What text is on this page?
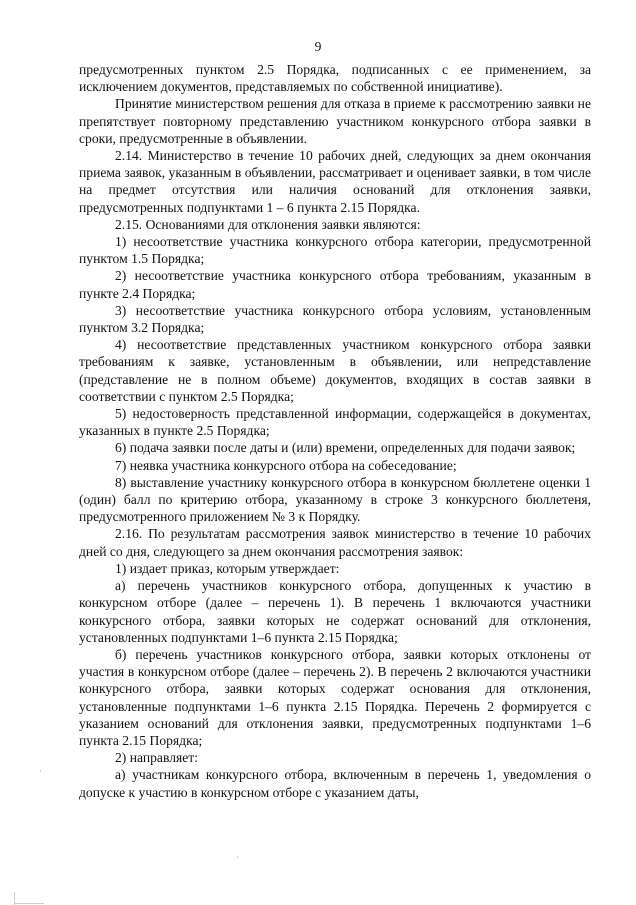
9

предусмотренных пунктом 2.5 Порядка, подписанных с ее применением, за исключением документов, представляемых по собственной инициативе).

Принятие министерством решения для отказа в приеме к рассмотрению заявки не препятствует повторному представлению участником конкурсного отбора заявки в сроки, предусмотренные в объявлении.

2.14. Министерство в течение 10 рабочих дней, следующих за днем окончания приема заявок, указанным в объявлении, рассматривает и оценивает заявки, в том числе на предмет отсутствия или наличия оснований для отклонения заявки, предусмотренных подпунктами 1 – 6 пункта 2.15 Порядка.

2.15. Основаниями для отклонения заявки являются:

1) несоответствие участника конкурсного отбора категории, предусмотренной пунктом 1.5 Порядка;

2) несоответствие участника конкурсного отбора требованиям, указанным в пункте 2.4 Порядка;

3) несоответствие участника конкурсного отбора условиям, установленным пунктом 3.2 Порядка;

4) несоответствие представленных участником конкурсного отбора заявки требованиям к заявке, установленным в объявлении, или непредставление (представление не в полном объеме) документов, входящих в состав заявки в соответствии с пунктом 2.5 Порядка;

5) недостоверность представленной информации, содержащейся в документах, указанных в пункте 2.5 Порядка;

6) подача заявки после даты и (или) времени, определенных для подачи заявок;

7) неявка участника конкурсного отбора на собеседование;

8) выставление участнику конкурсного отбора в конкурсном бюллетене оценки 1 (один) балл по критерию отбора, указанному в строке 3 конкурсного бюллетеня, предусмотренного приложением № 3 к Порядку.

2.16. По результатам рассмотрения заявок министерство в течение 10 рабочих дней со дня, следующего за днем окончания рассмотрения заявок:

1) издает приказ, которым утверждает:

а) перечень участников конкурсного отбора, допущенных к участию в конкурсном отборе (далее – перечень 1). В перечень 1 включаются участники конкурсного отбора, заявки которых не содержат оснований для отклонения, установленных подпунктами 1–6 пункта 2.15 Порядка;

б) перечень участников конкурсного отбора, заявки которых отклонены от участия в конкурсном отборе (далее – перечень 2). В перечень 2 включаются участники конкурсного отбора, заявки которых содержат основания для отклонения, установленные подпунктами 1–6 пункта 2.15 Порядка. Перечень 2 формируется с указанием оснований для отклонения заявки, предусмотренных подпунктами 1–6 пункта 2.15 Порядка;

2) направляет:

а) участникам конкурсного отбора, включенным в перечень 1, уведомления о допуске к участию в конкурсном отборе с указанием даты,
